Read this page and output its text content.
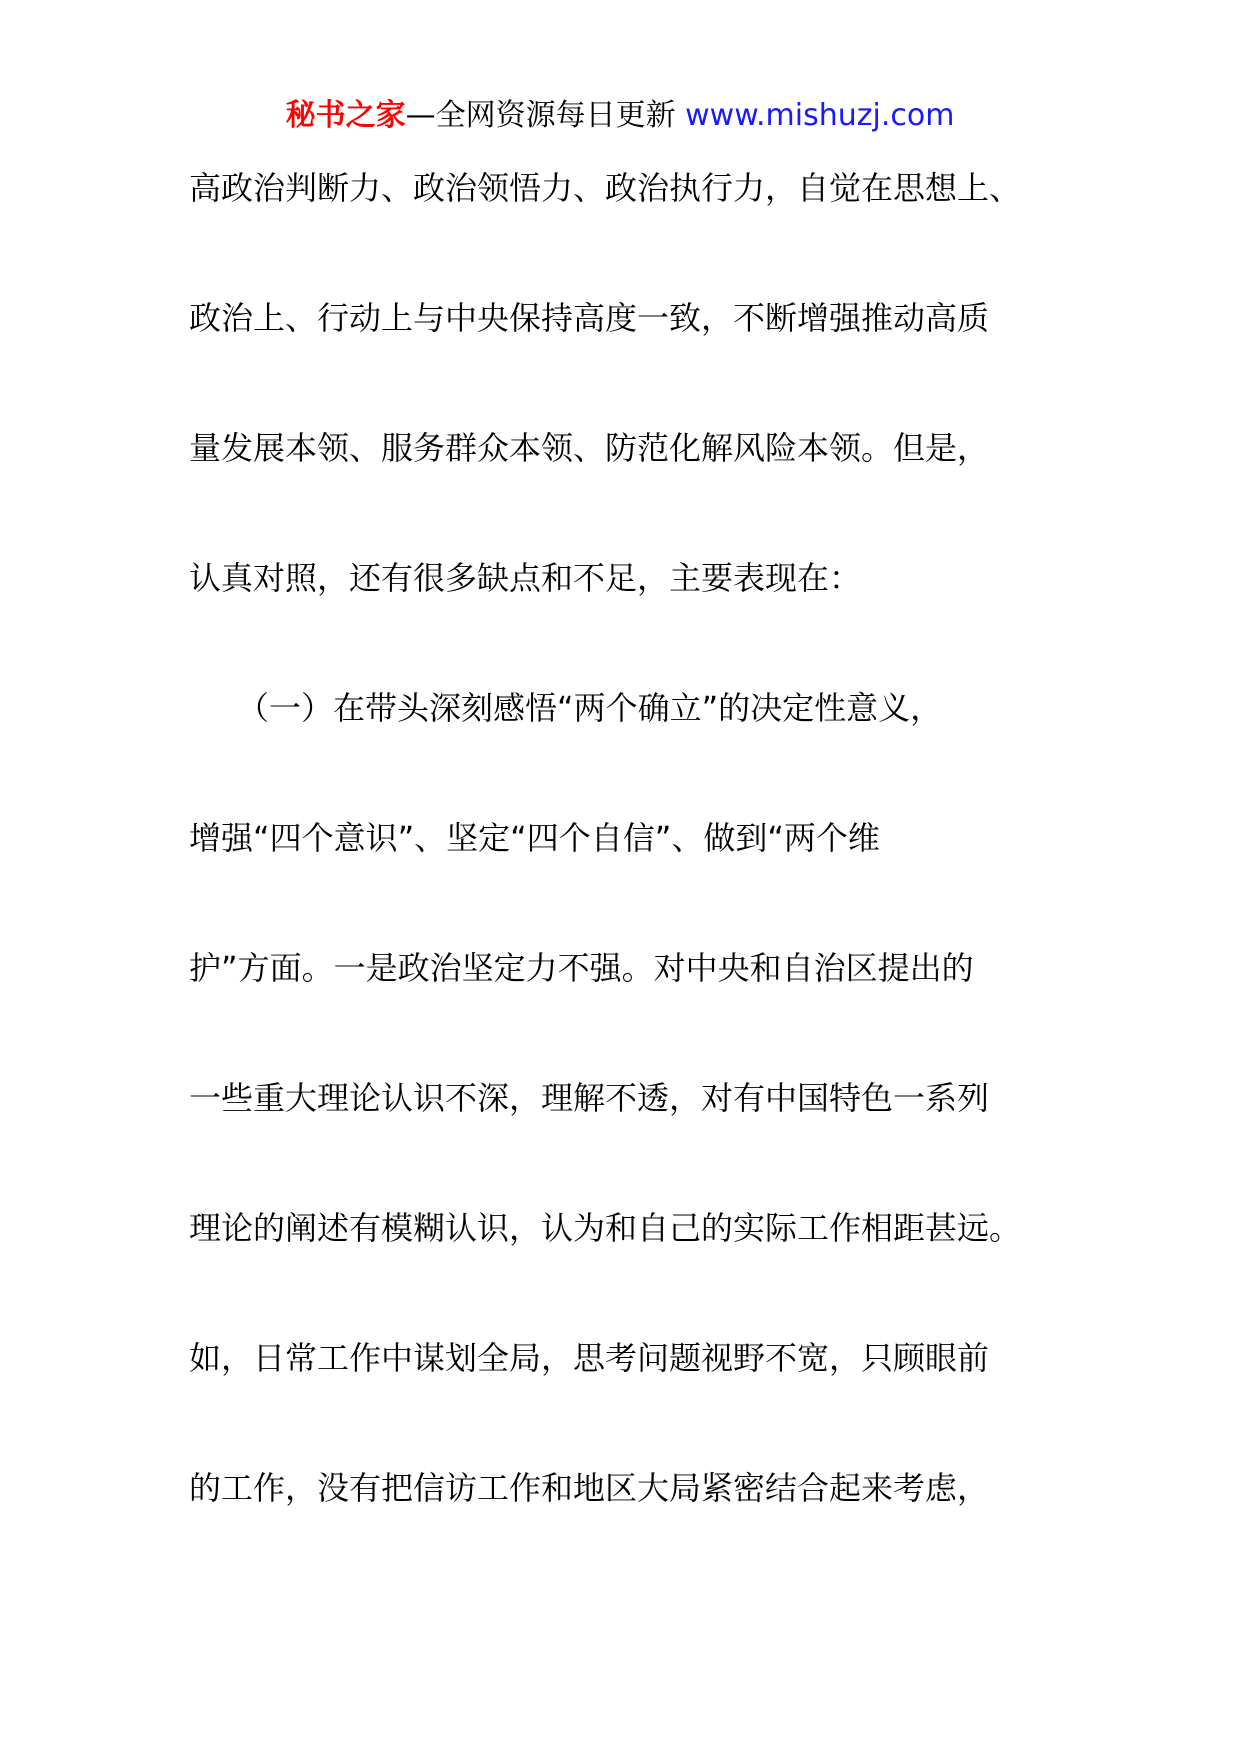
秘书之家—全网资源每日更新 www.mishuzj.com
高政治判断力、政治领悟力、政治执行力，自觉在思想上、
政治上、行动上与中央保持高度一致，不断增强推动高质
量发展本领、服务群众本领、防范化解风险本领。但是，
认真对照，还有很多缺点和不足，主要表现在：
　　（一）在带头深刻感悟“两个确立”的决定性意义，
增强“四个意识”、坚定“四个自信”、做到“两个维
护”方面。一是政治坚定力不强。对中央和自治区提出的
一些重大理论认识不深，理解不透，对有中国特色一系列
理论的阐述有模糊认识，认为和自己的实际工作相距甚远。
如，日常工作中谋划全局，思考问题视野不宽，只顾眼前
的工作，没有把信访工作和地区大局紧密结合起来考虑，
